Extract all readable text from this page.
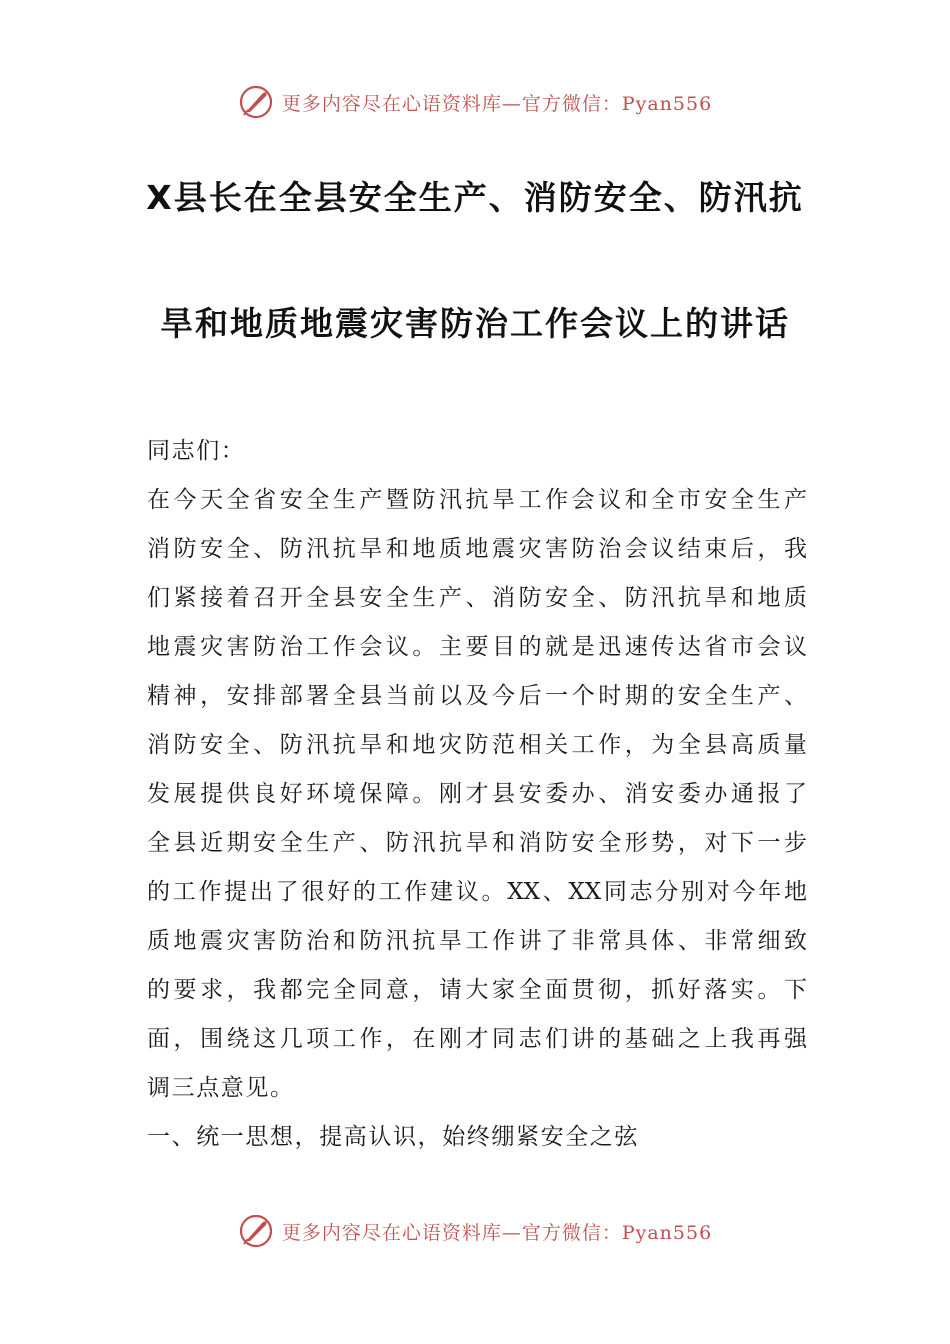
更多内容尽在心语资料库—官方微信：Pyan556
X县长在全县安全生产、消防安全、防汛抗
旱和地质地震灾害防治工作会议上的讲话
同志们：
在今天全省安全生产暨防汛抗旱工作会议和全市安全生产
消防安全、防汛抗旱和地质地震灾害防治会议结束后，我
们紧接着召开全县安全生产、消防安全、防汛抗旱和地质
地震灾害防治工作会议。主要目的就是迅速传达省市会议
精神，安排部署全县当前以及今后一个时期的安全生产、
消防安全、防汛抗旱和地灾防范相关工作，为全县高质量
发展提供良好环境保障。刚才县安委办、消安委办通报了
全县近期安全生产、防汛抗旱和消防安全形势，对下一步
的工作提出了很好的工作建议。XX、XX同志分别对今年地
质地震灾害防治和防汛抗旱工作讲了非常具体、非常细致
的要求，我都完全同意，请大家全面贯彻，抓好落实。下
面，围绕这几项工作，在刚才同志们讲的基础之上我再强
调三点意见。
一、统一思想，提高认识，始终绷紧安全之弦
更多内容尽在心语资料库—官方微信：Pyan556
